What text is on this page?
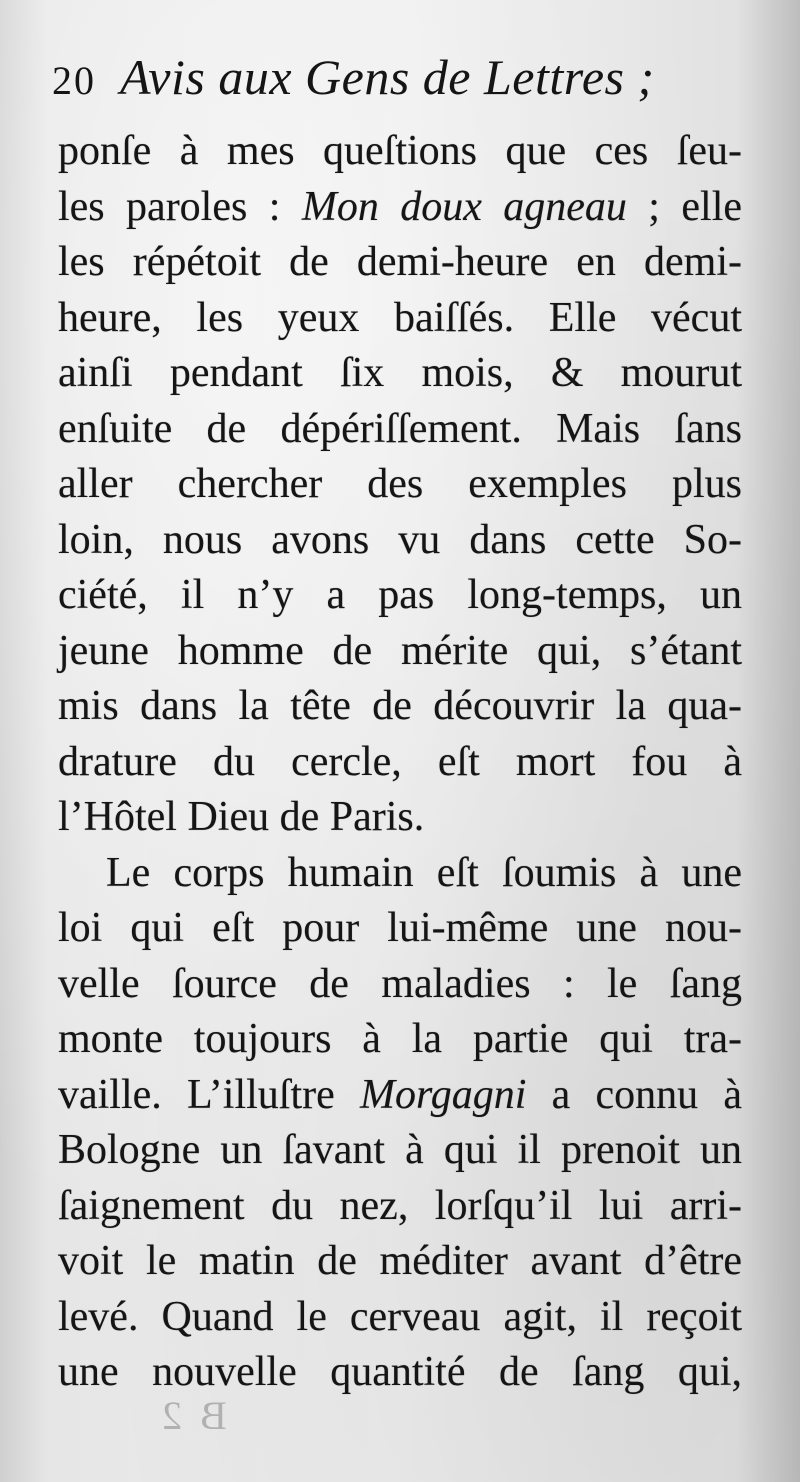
20 Avis aux Gens de Lettres ;
ponſe à mes queſtions que ces ſeu-
les paroles : Mon doux agneau ; elle
les répétoit de demi-heure en demi-
heure, les yeux baiſſés. Elle vécut
ainſi pendant ſix mois, & mourut
enſuite de dépériſſement. Mais ſans
aller chercher des exemples plus
loin, nous avons vu dans cette So-
ciété, il n’y a pas long-temps, un
jeune homme de mérite qui, s’étant
mis dans la tête de découvrir la qua-
drature du cercle, eſt mort fou à
l’Hôtel Dieu de Paris.
Le corps humain eſt ſoumis à une
loi qui eſt pour lui-même une nou-
velle ſource de maladies : le ſang
monte toujours à la partie qui tra-
vaille. L’illuſtre Morgagni a connu à
Bologne un ſavant à qui il prenoit un
ſaignement du nez, lorſqu’il lui arri-
voit le matin de méditer avant d’être
levé. Quand le cerveau agit, il reçoit
une nouvelle quantité de ſang qui,
B 2
